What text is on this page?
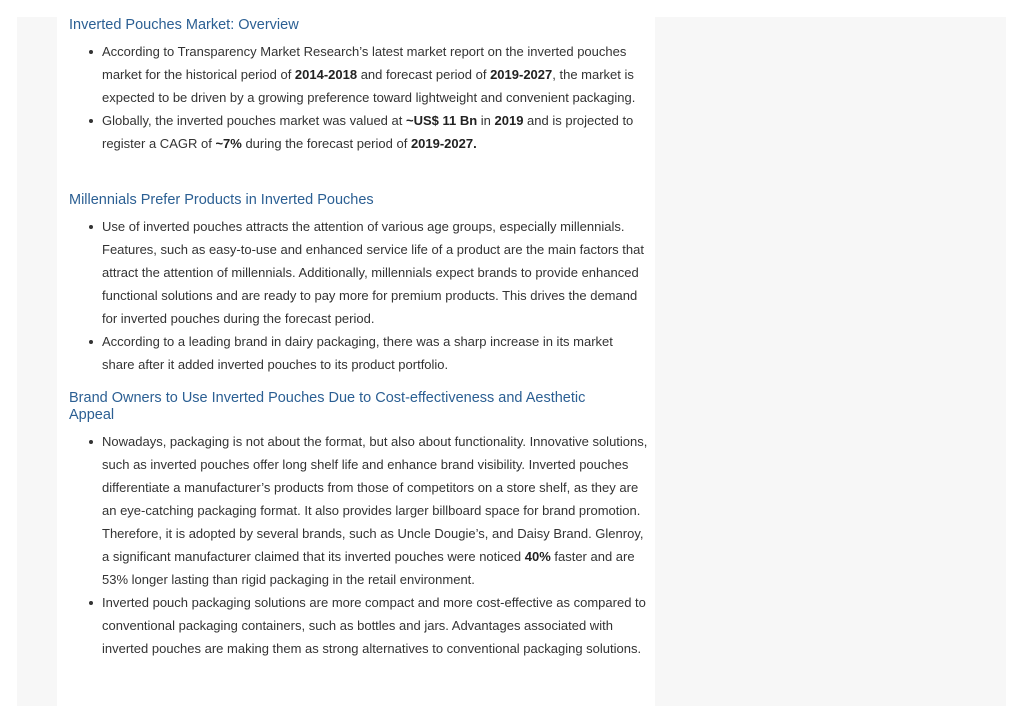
Inverted Pouches Market: Overview
According to Transparency Market Research’s latest market report on the inverted pouches market for the historical period of 2014-2018 and forecast period of 2019-2027, the market is expected to be driven by a growing preference toward lightweight and convenient packaging.
Globally, the inverted pouches market was valued at ~US$ 11 Bn in 2019 and is projected to register a CAGR of ~7% during the forecast period of 2019-2027.
Millennials Prefer Products in Inverted Pouches
Use of inverted pouches attracts the attention of various age groups, especially millennials. Features, such as easy-to-use and enhanced service life of a product are the main factors that attract the attention of millennials. Additionally, millennials expect brands to provide enhanced functional solutions and are ready to pay more for premium products. This drives the demand for inverted pouches during the forecast period.
According to a leading brand in dairy packaging, there was a sharp increase in its market share after it added inverted pouches to its product portfolio.
Brand Owners to Use Inverted Pouches Due to Cost-effectiveness and Aesthetic Appeal
Nowadays, packaging is not about the format, but also about functionality. Innovative solutions, such as inverted pouches offer long shelf life and enhance brand visibility. Inverted pouches differentiate a manufacturer’s products from those of competitors on a store shelf, as they are an eye-catching packaging format. It also provides larger billboard space for brand promotion. Therefore, it is adopted by several brands, such as Uncle Dougie’s, and Daisy Brand. Glenroy, a significant manufacturer claimed that its inverted pouches were noticed 40% faster and are 53% longer lasting than rigid packaging in the retail environment.
Inverted pouch packaging solutions are more compact and more cost-effective as compared to conventional packaging containers, such as bottles and jars. Advantages associated with inverted pouches are making them as strong alternatives to conventional packaging solutions.
